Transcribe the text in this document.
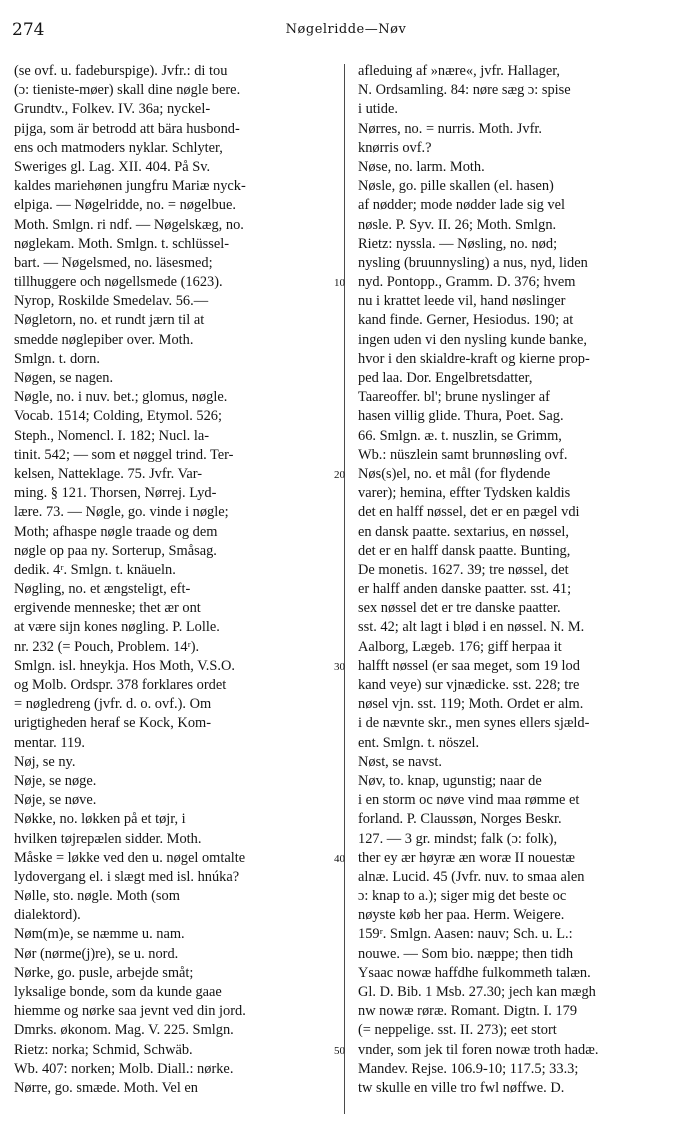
274	Nøgelridde—Nøv
10
20
30
40
50
(se ovf. u. fadeburspige). Jvfr.: di tou
(ɔ: tieniste-møer) skall dine nøgle bere.
Grundtv., Folkev. IV. 36a; nyckel-
pijga, som är betrodd att bära husbond-
ens och matmoders nyklar. Schlyter,
Sweriges gl. Lag. XII. 404. På Sv.
kaldes mariehønen jungfru Mariæ nyck-
elpiga. — Nøgelridde, no. = nøgelbue.
Moth. Smlgn. ri ndf. — Nøgelskæg, no.
nøglekam. Moth. Smlgn. t. schlüssel-
bart. — Nøgelsmed, no. läsesmed;
tillhuggere och nøgellsmede (1623).
Nyrop, Roskilde Smedelav. 56.—
Nøgletorn, no. et rundt jærn til at
smedde nøglepiber over. Moth.
Smlgn. t. dorn.
Nøgen, se nagen.
Nøgle, no. i nuv. bet.; glomus, nøgle.
Vocab. 1514; Colding, Etymol. 526;
Steph., Nomencl. I. 182; Nucl. la-
tinit. 542; — som et nøggel trind. Ter-
kelsen, Natteklage. 75. Jvfr. Var-
ming. § 121. Thorsen, Nørrej. Lyd-
lære. 73. — Nøgle, go. vinde i nøgle;
Moth; afhaspe nøgle traade og dem
nøgle op paa ny. Sorterup, Småsag.
dedik. 4ʳ. Smlgn. t. knäueln.
Nøgling, no. et ængsteligt, eft-
ergivende menneske; thet ær ont
at være sijn kones nøgling. P. Lolle.
nr. 232 (= Pouch, Problem. 14ʳ).
Smlgn. isl. hneykja. Hos Moth, V.S.O.
og Molb. Ordspr. 378 forklares ordet
= nøgledreng (jvfr. d. o. ovf.). Om
urigtigheden heraf se Kock, Kom-
mentar. 119.
Nøj, se ny.
Nøje, se nøge.
Nøje, se nøve.
Nøkke, no. løkken på et tøjr, i
hvilken tøjrepælen sidder. Moth.
Måske = løkke ved den u. nøgel omtalte
lydovergang el. i slægt med isl. hnúka?
Nølle, sto. nøgle. Moth (som
dialektord).
Nøm(m)e, se næmme u. nam.
Nør (nørme(j)re), se u. nord.
Nørke, go. pusle, arbejde småt;
lyksalige bonde, som da kunde gaae
hiemme og nørke saa jevnt ved din jord.
Dmrks. økonom. Mag. V. 225. Smlgn.
Rietz: norka; Schmid, Schwäb.
Wb. 407: norken; Molb. Diall.: nørke.
Nørre, go. smæde. Moth. Vel en
afleduing af »nære«, jvfr. Hallager,
N. Ordsamling. 84: nøre sæg ɔ: spise
i utide.
Nørres, no. = nurris. Moth. Jvfr.
knørris ovf.?
Nøse, no. larm. Moth.
Nøsle, go. pille skallen (el. hasen)
af nødder; mode nødder lade sig vel
nøsle. P. Syv. II. 26; Moth. Smlgn.
Rietz: nyssla. — Nøsling, no. nød;
nysling (bruunnysling) a nus, nyd, liden
nyd. Pontopp., Gramm. D. 376; hvem
nu i krattet leede vil, hand nøslinger
kand finde. Gerner, Hesiodus. 190; at
ingen uden vi den nysling kunde banke,
hvor i den skialdre-kraft og kierne prop-
ped laa. Dor. Engelbretsdatter,
Taareoffer. bl'; brune nyslinger af
hasen villig glide. Thura, Poet. Sag.
66. Smlgn. æ. t. nuszlin, se Grimm,
Wb.: nüszlein samt brunnøsling ovf.
Nøs(s)el, no. et mål (for flydende
varer); hemina, effter Tydsken kaldis
det en halff nøssel, det er en pægel vdi
en dansk paatte. sextarius, en nøssel,
det er en halff dansk paatte. Bunting,
De monetis. 1627. 39; tre nøssel, det
er halff anden danske paatter. sst. 41;
sex nøssel det er tre danske paatter.
sst. 42; alt lagt i blød i en nøssel. N. M.
Aalborg, Lægeb. 176; giff herpaa it
halfft nøssel (er saa meget, som 19 lod
kand veye) sur vjnædicke. sst. 228; tre
nøsel vjn. sst. 119; Moth. Ordet er alm.
i de nævnte skr., men synes ellers sjæld-
ent. Smlgn. t. nöszel.
Nøst, se navst.
Nøv, to. knap, ugunstig; naar de
i en storm oc nøve vind maa rømme et
forland. P. Claussøn, Norges Beskr.
127. — 3 gr. mindst; falk (ɔ: folk),
ther ey ær høyræ æn woræ II nouestæ
alnæ. Lucid. 45 (Jvfr. nuv. to smaa alen
ɔ: knap to a.); siger mig det beste oc
nøyste køb her paa. Herm. Weigere.
159ʳ. Smlgn. Aasen: nauv; Sch. u. L.:
nouwe. — Som bio. næppe; then tidh
Ysaac nowæ haffdhe fulkommeth talæn.
Gl. D. Bib. 1 Msb. 27.30; jech kan mægh
nw nowæ røræ. Romant. Digtn. I. 179
(= neppelige. sst. II. 273); eet stort
vnder, som jek til foren nowæ troth hadæ.
Mandev. Rejse. 106.9-10; 117.5; 33.3;
tw skulle en ville tro fwl nøffwe. D.
